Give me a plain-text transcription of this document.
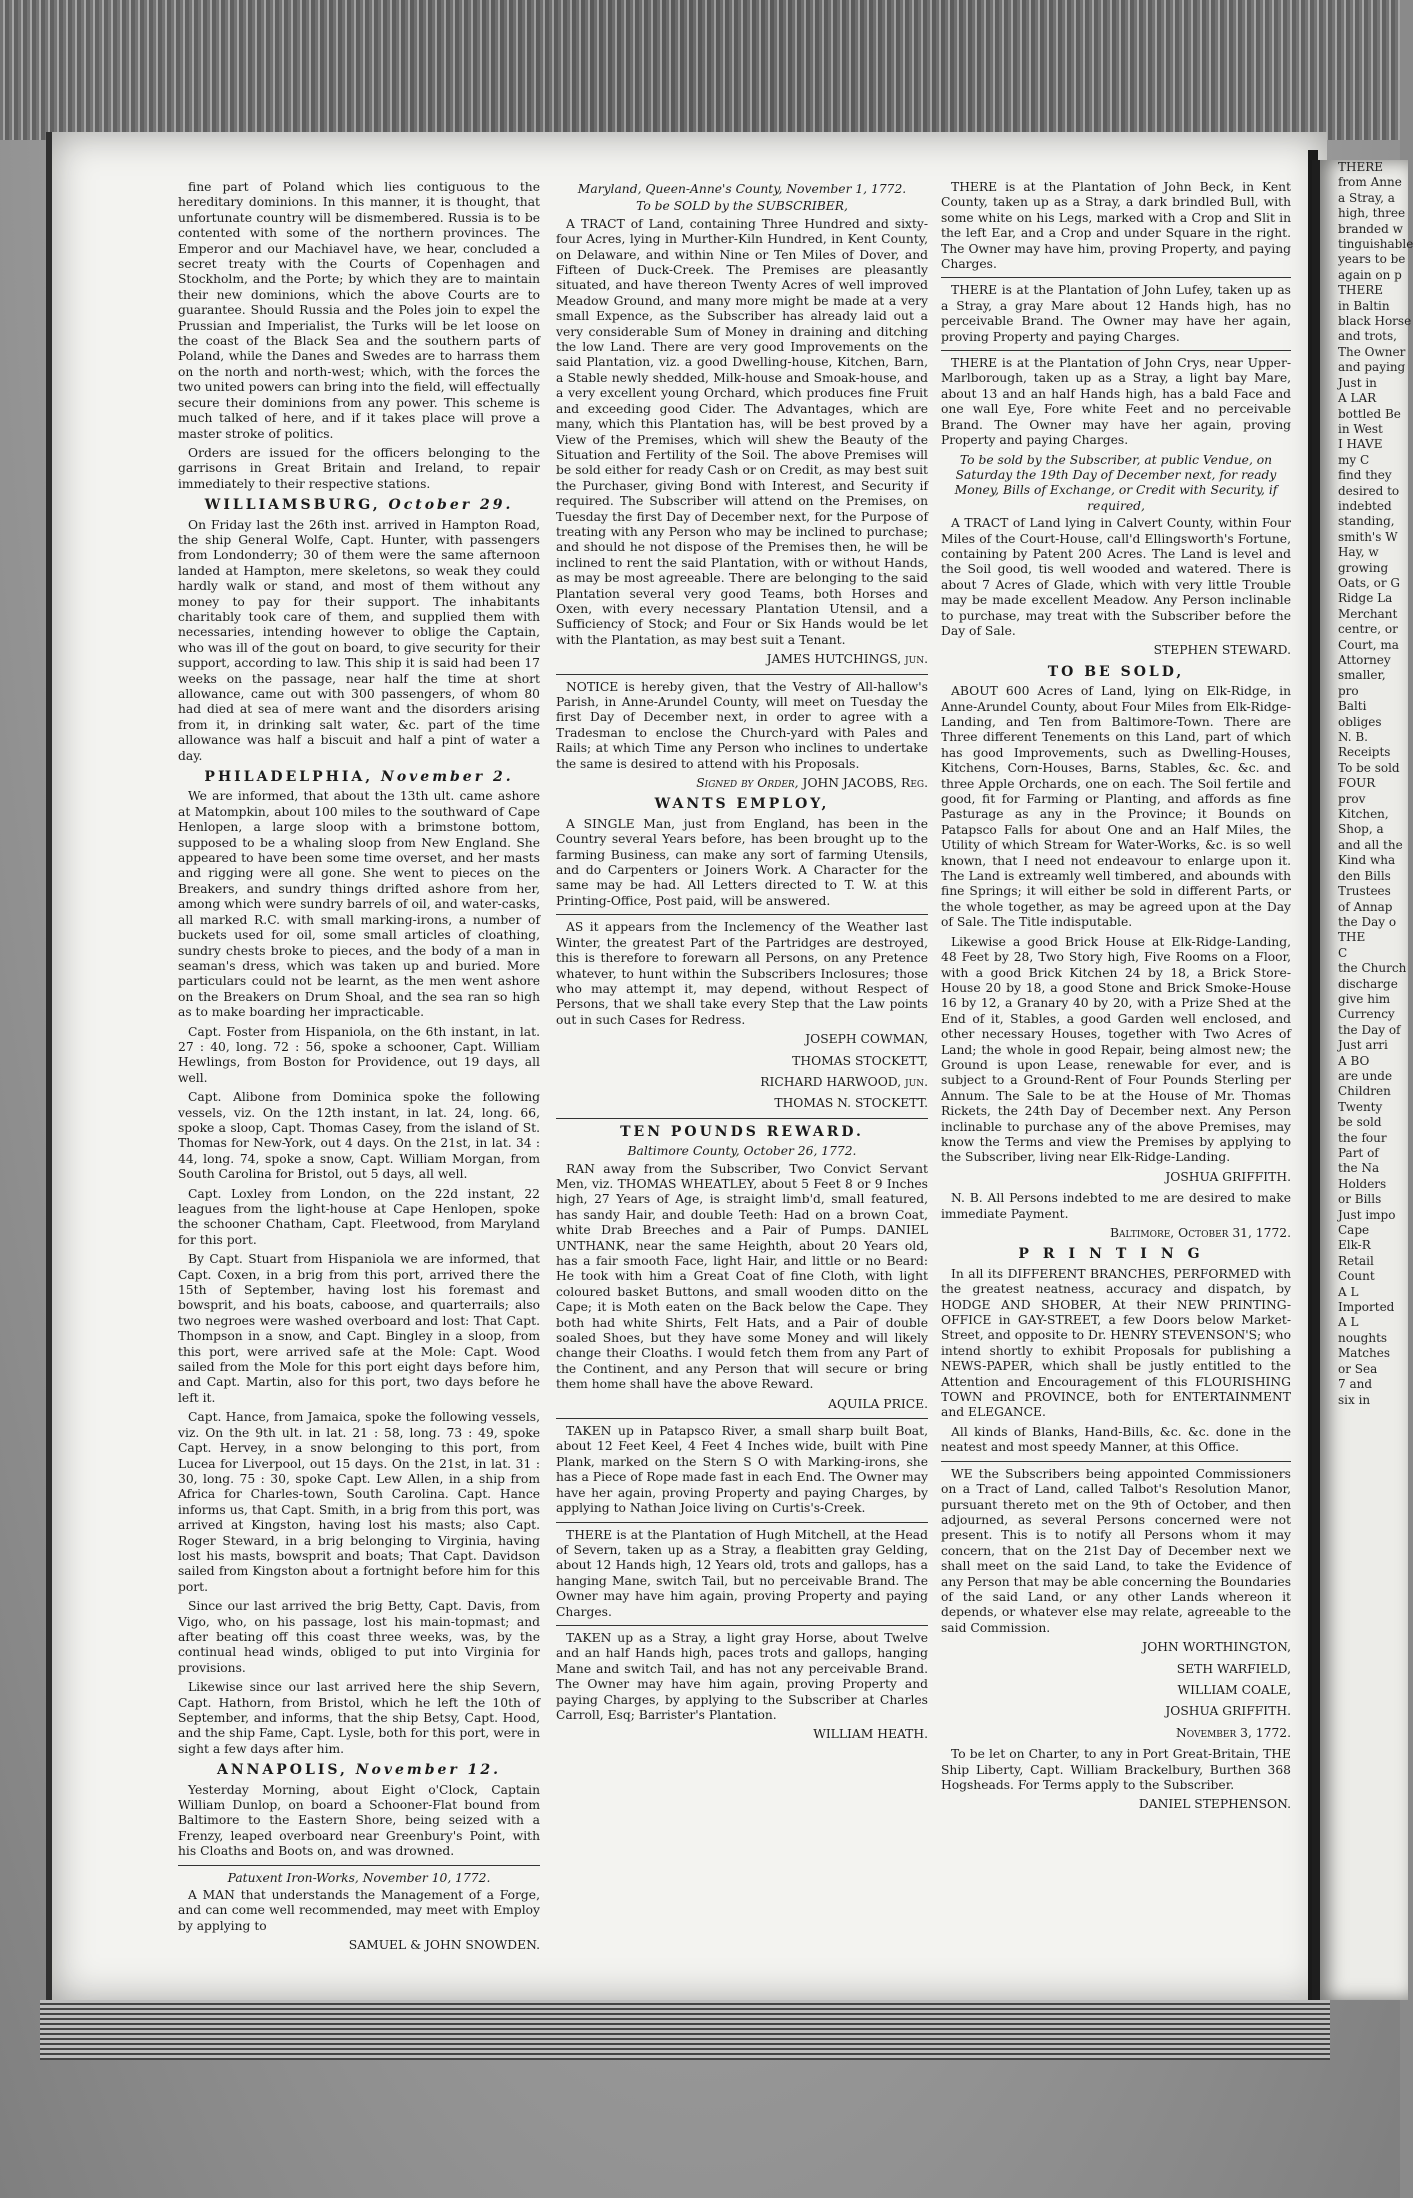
THERE
from Anne
a Stray, a
high, three
branded w
tinguishable
years to be
again on p
THERE
in Baltin
black Horse
and trots,
The Owner
and paying
Just in
A LAR
bottled Be
in West
I HAVE
my C
find they
desired to
indebted
standing,
smith's W
Hay, w
growing
Oats, or G
Ridge La
Merchant
centre, or
Court, ma
Attorney
smaller,
pro
Balti
obliges
N. B.
Receipts
To be sold
FOUR
prov
Kitchen,
Shop, a
and all the
Kind wha
den Bills
Trustees
of Annap
the Day o
THE
C
the Church
discharge
give him
Currency
the Day of
Just arri
A BO
are unde
Children
Twenty
be sold
the four
Part of
the Na
Holders
or Bills
Just impo
Cape
Elk-R
Retail
Count
A L
Imported
A L
noughts
Matches
or Sea
7 and
six in

fine part of Poland which lies contiguous to the hereditary dominions. In this manner, it is thought, that unfortunate country will be dismembered. Russia is to be contented with some of the northern provinces. The Emperor and our Machiavel have, we hear, concluded a secret treaty with the Courts of Copenhagen and Stockholm, and the Porte; by which they are to maintain their new dominions, which the above Courts are to guarantee. Should Russia and the Poles join to expel the Prussian and Imperialist, the Turks will be let loose on the coast of the Black Sea and the southern parts of Poland, while the Danes and Swedes are to harrass them on the north and north-west; which, with the forces the two united powers can bring into the field, will effectually secure their dominions from any power. This scheme is much talked of here, and if it takes place will prove a master stroke of politics.

Orders are issued for the officers belonging to the garrisons in Great Britain and Ireland, to repair immediately to their respective stations.

WILLIAMSBURG, October 29.

On Friday last the 26th inst. arrived in Hampton Road, the ship General Wolfe, Capt. Hunter, with passengers from Londonderry; 30 of them were the same afternoon landed at Hampton, mere skeletons, so weak they could hardly walk or stand, and most of them without any money to pay for their support. The inhabitants charitably took care of them, and supplied them with necessaries, intending however to oblige the Captain, who was ill of the gout on board, to give security for their support, according to law. This ship it is said had been 17 weeks on the passage, near half the time at short allowance, came out with 300 passengers, of whom 80 had died at sea of mere want and the disorders arising from it, in drinking salt water, &c. part of the time allowance was half a biscuit and half a pint of water a day.

PHILADELPHIA, November 2.

We are informed, that about the 13th ult. came ashore at Matompkin, about 100 miles to the southward of Cape Henlopen, a large sloop with a brimstone bottom, supposed to be a whaling sloop from New England. She appeared to have been some time overset, and her masts and rigging were all gone. She went to pieces on the Breakers, and sundry things drifted ashore from her, among which were sundry barrels of oil, and water-casks, all marked R.C. with small marking-irons, a number of buckets used for oil, some small articles of cloathing, sundry chests broke to pieces, and the body of a man in seaman's dress, which was taken up and buried. More particulars could not be learnt, as the men went ashore on the Breakers on Drum Shoal, and the sea ran so high as to make boarding her impracticable.

Capt. Foster from Hispaniola, on the 6th instant, in lat. 27 : 40, long. 72 : 56, spoke a schooner, Capt. William Hewlings, from Boston for Providence, out 19 days, all well.

Capt. Alibone from Dominica spoke the following vessels, viz. On the 12th instant, in lat. 24, long. 66, spoke a sloop, Capt. Thomas Casey, from the island of St. Thomas for New-York, out 4 days. On the 21st, in lat. 34 : 44, long. 74, spoke a snow, Capt. William Morgan, from South Carolina for Bristol, out 5 days, all well.

Capt. Loxley from London, on the 22d instant, 22 leagues from the light-house at Cape Henlopen, spoke the schooner Chatham, Capt. Fleetwood, from Maryland for this port.

By Capt. Stuart from Hispaniola we are informed, that Capt. Coxen, in a brig from this port, arrived there the 15th of September, having lost his foremast and bowsprit, and his boats, caboose, and quarterrails; also two negroes were washed overboard and lost: That Capt. Thompson in a snow, and Capt. Bingley in a sloop, from this port, were arrived safe at the Mole: Capt. Wood sailed from the Mole for this port eight days before him, and Capt. Martin, also for this port, two days before he left it.

Capt. Hance, from Jamaica, spoke the following vessels, viz. On the 9th ult. in lat. 21 : 58, long. 73 : 49, spoke Capt. Hervey, in a snow belonging to this port, from Lucea for Liverpool, out 15 days. On the 21st, in lat. 31 : 30, long. 75 : 30, spoke Capt. Lew Allen, in a ship from Africa for Charles-town, South Carolina. Capt. Hance informs us, that Capt. Smith, in a brig from this port, was arrived at Kingston, having lost his masts; also Capt. Roger Steward, in a brig belonging to Virginia, having lost his masts, bowsprit and boats; That Capt. Davidson sailed from Kingston about a fortnight before him for this port.

Since our last arrived the brig Betty, Capt. Davis, from Vigo, who, on his passage, lost his main-topmast; and after beating off this coast three weeks, was, by the continual head winds, obliged to put into Virginia for provisions.

Likewise since our last arrived here the ship Severn, Capt. Hathorn, from Bristol, which he left the 10th of September, and informs, that the ship Betsy, Capt. Hood, and the ship Fame, Capt. Lysle, both for this port, were in sight a few days after him.

ANNAPOLIS, November 12.

Yesterday Morning, about Eight o'Clock, Captain William Dunlop, on board a Schooner-Flat bound from Baltimore to the Eastern Shore, being seized with a Frenzy, leaped overboard near Greenbury's Point, with his Cloaths and Boots on, and was drowned.

Patuxent Iron-Works, November 10, 1772.

A MAN that understands the Management of a Forge, and can come well recommended, may meet with Employ by applying to

SAMUEL & JOHN SNOWDEN.
Maryland, Queen-Anne's County, November 1, 1772.
To be SOLD by the SUBSCRIBER,

A TRACT of Land, containing Three Hundred and sixty-four Acres, lying in Murther-Kiln Hundred, in Kent County, on Delaware, and within Nine or Ten Miles of Dover, and Fifteen of Duck-Creek. The Premises are pleasantly situated, and have thereon Twenty Acres of well improved Meadow Ground, and many more might be made at a very small Expence, as the Subscriber has already laid out a very considerable Sum of Money in draining and ditching the low Land. There are very good Improvements on the said Plantation, viz. a good Dwelling-house, Kitchen, Barn, a Stable newly shedded, Milk-house and Smoak-house, and a very excellent young Orchard, which produces fine Fruit and exceeding good Cider. The Advantages, which are many, which this Plantation has, will be best proved by a View of the Premises, which will shew the Beauty of the Situation and Fertility of the Soil. The above Premises will be sold either for ready Cash or on Credit, as may best suit the Purchaser, giving Bond with Interest, and Security if required. The Subscriber will attend on the Premises, on Tuesday the first Day of December next, for the Purpose of treating with any Person who may be inclined to purchase; and should he not dispose of the Premises then, he will be inclined to rent the said Plantation, with or without Hands, as may be most agreeable. There are belonging to the said Plantation several very good Teams, both Horses and Oxen, with every necessary Plantation Utensil, and a Sufficiency of Stock; and Four or Six Hands would be let with the Plantation, as may best suit a Tenant.

JAMES HUTCHINGS, jun.

NOTICE is hereby given, that the Vestry of All-hallow's Parish, in Anne-Arundel County, will meet on Tuesday the first Day of December next, in order to agree with a Tradesman to enclose the Church-yard with Pales and Rails; at which Time any Person who inclines to undertake the same is desired to attend with his Proposals.

Signed by Order, JOHN JACOBS, Reg.
WANTS EMPLOY,

A SINGLE Man, just from England, has been in the Country several Years before, has been brought up to the farming Business, can make any sort of farming Utensils, and do Carpenters or Joiners Work. A Character for the same may be had. All Letters directed to T. W. at this Printing-Office, Post paid, will be answered.

AS it appears from the Inclemency of the Weather last Winter, the greatest Part of the Partridges are destroyed, this is therefore to forewarn all Persons, on any Pretence whatever, to hunt within the Subscribers Inclosures; those who may attempt it, may depend, without Respect of Persons, that we shall take every Step that the Law points out in such Cases for Redress.

JOSEPH COWMAN,
THOMAS STOCKETT,
RICHARD HARWOOD, jun.
THOMAS N. STOCKETT.
TEN POUNDS REWARD.
Baltimore County, October 26, 1772.

RAN away from the Subscriber, Two Convict Servant Men, viz. THOMAS WHEATLEY, about 5 Feet 8 or 9 Inches high, 27 Years of Age, is straight limb'd, small featured, has sandy Hair, and double Teeth: Had on a brown Coat, white Drab Breeches and a Pair of Pumps. DANIEL UNTHANK, near the same Heighth, about 20 Years old, has a fair smooth Face, light Hair, and little or no Beard: He took with him a Great Coat of fine Cloth, with light coloured basket Buttons, and small wooden ditto on the Cape; it is Moth eaten on the Back below the Cape. They both had white Shirts, Felt Hats, and a Pair of double soaled Shoes, but they have some Money and will likely change their Cloaths. I would fetch them from any Part of the Continent, and any Person that will secure or bring them home shall have the above Reward.

AQUILA PRICE.

TAKEN up in Patapsco River, a small sharp built Boat, about 12 Feet Keel, 4 Feet 4 Inches wide, built with Pine Plank, marked on the Stern S O with Marking-irons, she has a Piece of Rope made fast in each End. The Owner may have her again, proving Property and paying Charges, by applying to Nathan Joice living on Curtis's-Creek.

THERE is at the Plantation of Hugh Mitchell, at the Head of Severn, taken up as a Stray, a fleabitten gray Gelding, about 12 Hands high, 12 Years old, trots and gallops, has a hanging Mane, switch Tail, but no perceivable Brand. The Owner may have him again, proving Property and paying Charges.

TAKEN up as a Stray, a light gray Horse, about Twelve and an half Hands high, paces trots and gallops, hanging Mane and switch Tail, and has not any perceivable Brand. The Owner may have him again, proving Property and paying Charges, by applying to the Subscriber at Charles Carroll, Esq; Barrister's Plantation.

WILLIAM HEATH.

THERE is at the Plantation of John Beck, in Kent County, taken up as a Stray, a dark brindled Bull, with some white on his Legs, marked with a Crop and Slit in the left Ear, and a Crop and under Square in the right. The Owner may have him, proving Property, and paying Charges.

THERE is at the Plantation of John Lufey, taken up as a Stray, a gray Mare about 12 Hands high, has no perceivable Brand. The Owner may have her again, proving Property and paying Charges.

THERE is at the Plantation of John Crys, near Upper-Marlborough, taken up as a Stray, a light bay Mare, about 13 and an half Hands high, has a bald Face and one wall Eye, Fore white Feet and no perceivable Brand. The Owner may have her again, proving Property and paying Charges.

To be sold by the Subscriber, at public Vendue, on Saturday the 19th Day of December next, for ready Money, Bills of Exchange, or Credit with Security, if required,

A TRACT of Land lying in Calvert County, within Four Miles of the Court-House, call'd Ellingsworth's Fortune, containing by Patent 200 Acres. The Land is level and the Soil good, tis well wooded and watered. There is about 7 Acres of Glade, which with very little Trouble may be made excellent Meadow. Any Person inclinable to purchase, may treat with the Subscriber before the Day of Sale.

STEPHEN STEWARD.
TO BE SOLD,

ABOUT 600 Acres of Land, lying on Elk-Ridge, in Anne-Arundel County, about Four Miles from Elk-Ridge-Landing, and Ten from Baltimore-Town. There are Three different Tenements on this Land, part of which has good Improvements, such as Dwelling-Houses, Kitchens, Corn-Houses, Barns, Stables, &c. &c. and three Apple Orchards, one on each. The Soil fertile and good, fit for Farming or Planting, and affords as fine Pasturage as any in the Province; it Bounds on Patapsco Falls for about One and an Half Miles, the Utility of which Stream for Water-Works, &c. is so well known, that I need not endeavour to enlarge upon it. The Land is extreamly well timbered, and abounds with fine Springs; it will either be sold in different Parts, or the whole together, as may be agreed upon at the Day of Sale. The Title indisputable.

Likewise a good Brick House at Elk-Ridge-Landing, 48 Feet by 28, Two Story high, Five Rooms on a Floor, with a good Brick Kitchen 24 by 18, a Brick Store-House 20 by 18, a good Stone and Brick Smoke-House 16 by 12, a Granary 40 by 20, with a Prize Shed at the End of it, Stables, a good Garden well enclosed, and other necessary Houses, together with Two Acres of Land; the whole in good Repair, being almost new; the Ground is upon Lease, renewable for ever, and is subject to a Ground-Rent of Four Pounds Sterling per Annum. The Sale to be at the House of Mr. Thomas Rickets, the 24th Day of December next. Any Person inclinable to purchase any of the above Premises, may know the Terms and view the Premises by applying to the Subscriber, living near Elk-Ridge-Landing.

JOSHUA GRIFFITH.

N. B. All Persons indebted to me are desired to make immediate Payment.

Baltimore, October 31, 1772.
PRINTING

In all its DIFFERENT BRANCHES, PERFORMED with the greatest neatness, accuracy and dispatch, by HODGE AND SHOBER, At their NEW PRINTING-OFFICE in GAY-STREET, a few Doors below Market-Street, and opposite to Dr. HENRY STEVENSON'S; who intend shortly to exhibit Proposals for publishing a NEWS-PAPER, which shall be justly entitled to the Attention and Encouragement of this FLOURISHING TOWN and PROVINCE, both for ENTERTAINMENT and ELEGANCE.

All kinds of Blanks, Hand-Bills, &c. &c. done in the neatest and most speedy Manner, at this Office.

WE the Subscribers being appointed Commissioners on a Tract of Land, called Talbot's Resolution Manor, pursuant thereto met on the 9th of October, and then adjourned, as several Persons concerned were not present. This is to notify all Persons whom it may concern, that on the 21st Day of December next we shall meet on the said Land, to take the Evidence of any Person that may be able concerning the Boundaries of the said Land, or any other Lands whereon it depends, or whatever else may relate, agreeable to the said Commission.

JOHN WORTHINGTON,
SETH WARFIELD,
WILLIAM COALE,
JOSHUA GRIFFITH.
November 3, 1772.

To be let on Charter, to any in Port Great-Britain, THE Ship Liberty, Capt. William Brackelbury, Burthen 368 Hogsheads. For Terms apply to the Subscriber.

DANIEL STEPHENSON.
